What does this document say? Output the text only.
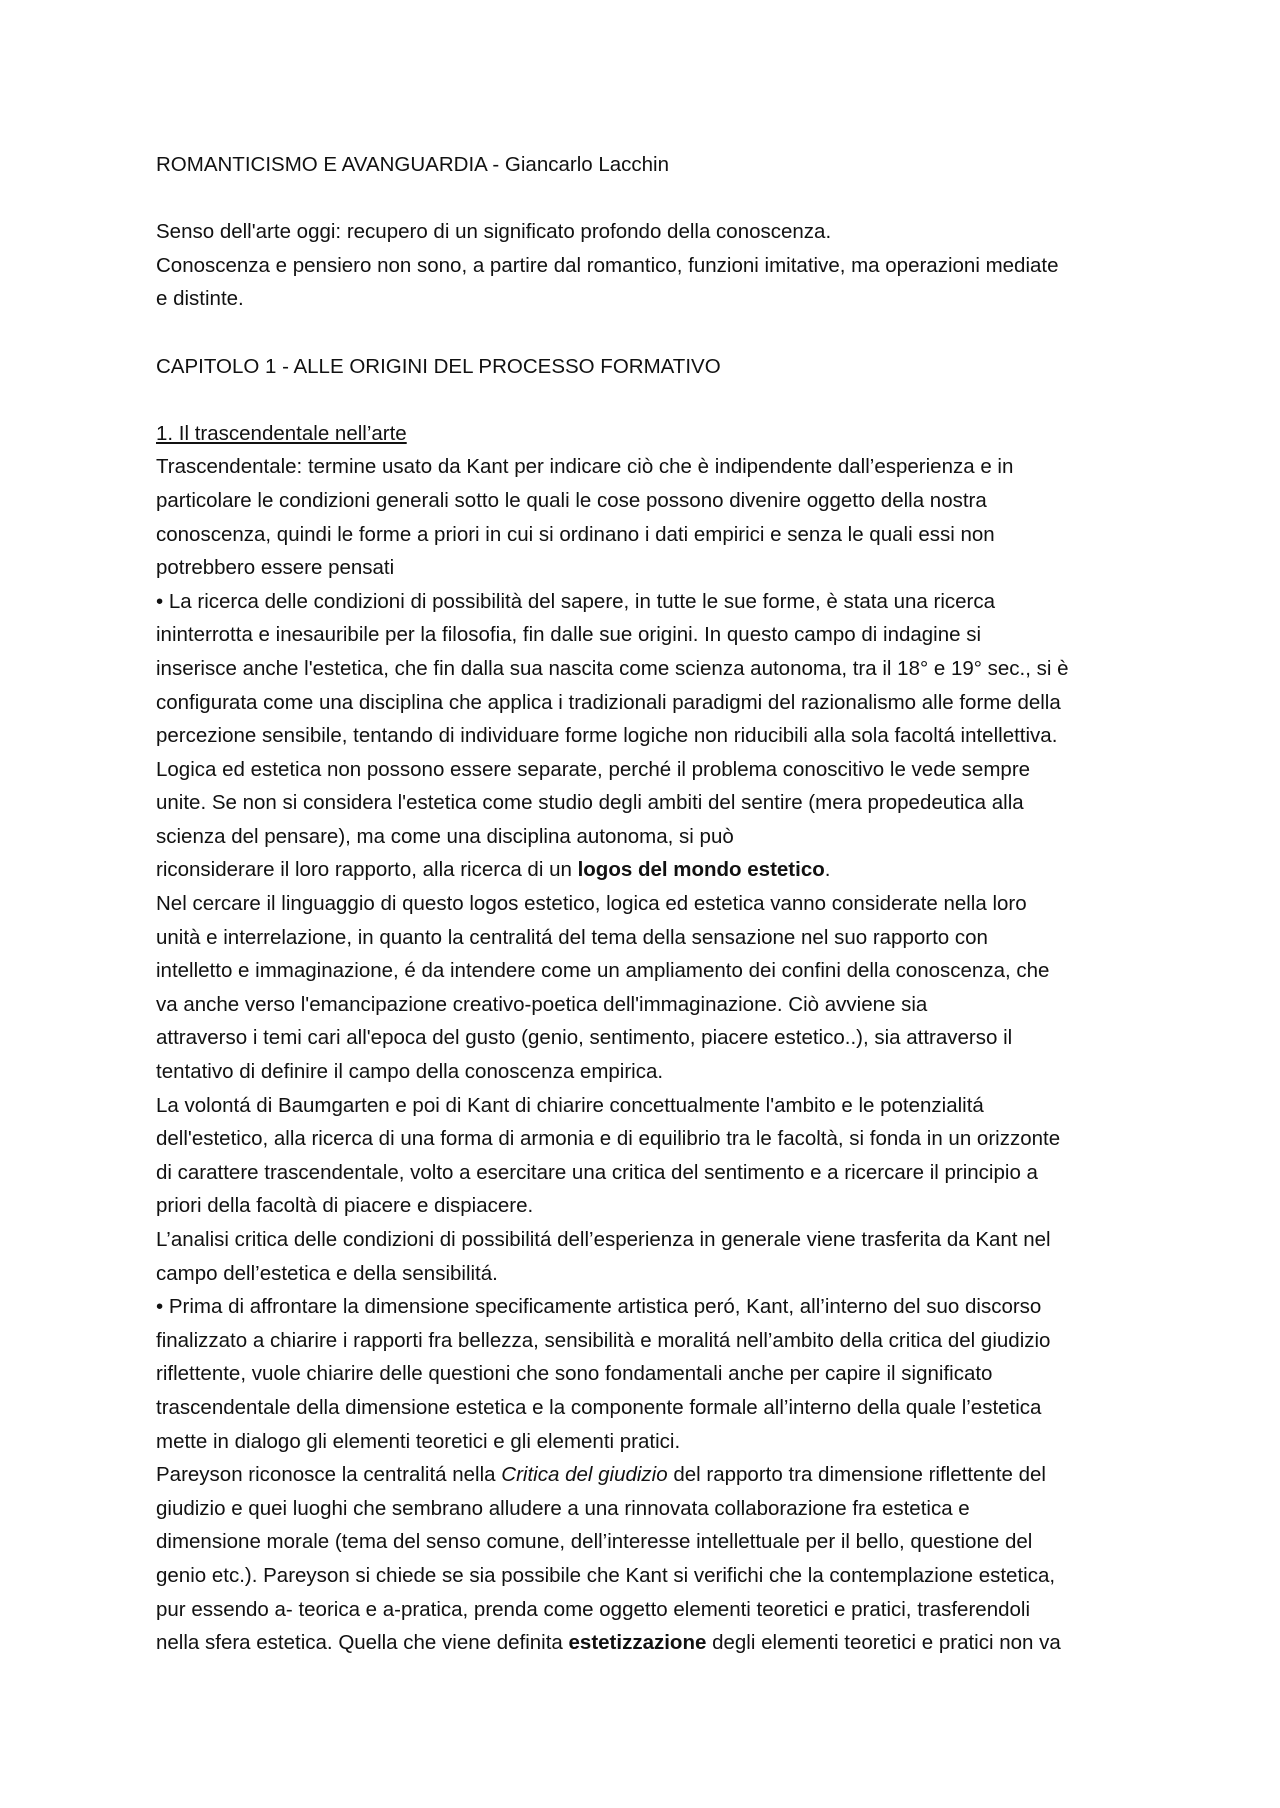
ROMANTICISMO E AVANGUARDIA - Giancarlo Lacchin
Senso dell'arte oggi: recupero di un significato profondo della conoscenza.
Conoscenza e pensiero non sono, a partire dal romantico, funzioni imitative, ma operazioni mediate
e distinte.
CAPITOLO 1 - ALLE ORIGINI DEL PROCESSO FORMATIVO
1. Il trascendentale nell’arte
Trascendentale: termine usato da Kant per indicare ciò che è indipendente dall’esperienza e in
particolare le condizioni generali sotto le quali le cose possono divenire oggetto della nostra
conoscenza, quindi le forme a priori in cui si ordinano i dati empirici e senza le quali essi non
potrebbero essere pensati
• La ricerca delle condizioni di possibilità del sapere, in tutte le sue forme, è stata una ricerca
ininterrotta e inesauribile per la filosofia, fin dalle sue origini. In questo campo di indagine si
inserisce anche l'estetica, che fin dalla sua nascita come scienza autonoma, tra il 18° e 19° sec., si è
configurata come una disciplina che applica i tradizionali paradigmi del razionalismo alle forme della
percezione sensibile, tentando di individuare forme logiche non riducibili alla sola facoltá intellettiva.
Logica ed estetica non possono essere separate, perché il problema conoscitivo le vede sempre
unite. Se non si considera l'estetica come studio degli ambiti del sentire (mera propedeutica alla
scienza del pensare), ma come una disciplina autonoma, si può
riconsiderare il loro rapporto, alla ricerca di un logos del mondo estetico.
Nel cercare il linguaggio di questo logos estetico, logica ed estetica vanno considerate nella loro
unità e interrelazione, in quanto la centralitá del tema della sensazione nel suo rapporto con
intelletto e immaginazione, é da intendere come un ampliamento dei confini della conoscenza, che
va anche verso l'emancipazione creativo-poetica dell'immaginazione. Ciò avviene sia
attraverso i temi cari all'epoca del gusto (genio, sentimento, piacere estetico..), sia attraverso il
tentativo di definire il campo della conoscenza empirica.
La volontá di Baumgarten e poi di Kant di chiarire concettualmente l'ambito e le potenzialitá
dell'estetico, alla ricerca di una forma di armonia e di equilibrio tra le facoltà, si fonda in un orizzonte
di carattere trascendentale, volto a esercitare una critica del sentimento e a ricercare il principio a
priori della facoltà di piacere e dispiacere.
L’analisi critica delle condizioni di possibilitá dell’esperienza in generale viene trasferita da Kant nel
campo dell’estetica e della sensibilitá.
• Prima di affrontare la dimensione specificamente artistica peró, Kant, all’interno del suo discorso
finalizzato a chiarire i rapporti fra bellezza, sensibilità e moralitá nell’ambito della critica del giudizio
riflettente, vuole chiarire delle questioni che sono fondamentali anche per capire il significato
trascendentale della dimensione estetica e la componente formale all’interno della quale l’estetica
mette in dialogo gli elementi teoretici e gli elementi pratici.
Pareyson riconosce la centralitá nella Critica del giudizio del rapporto tra dimensione riflettente del
giudizio e quei luoghi che sembrano alludere a una rinnovata collaborazione fra estetica e
dimensione morale (tema del senso comune, dell’interesse intellettuale per il bello, questione del
genio etc.). Pareyson si chiede se sia possibile che Kant si verifichi che la contemplazione estetica,
pur essendo a- teorica e a-pratica, prenda come oggetto elementi teoretici e pratici, trasferendoli
nella sfera estetica. Quella che viene definita estetizzazione degli elementi teoretici e pratici non va
